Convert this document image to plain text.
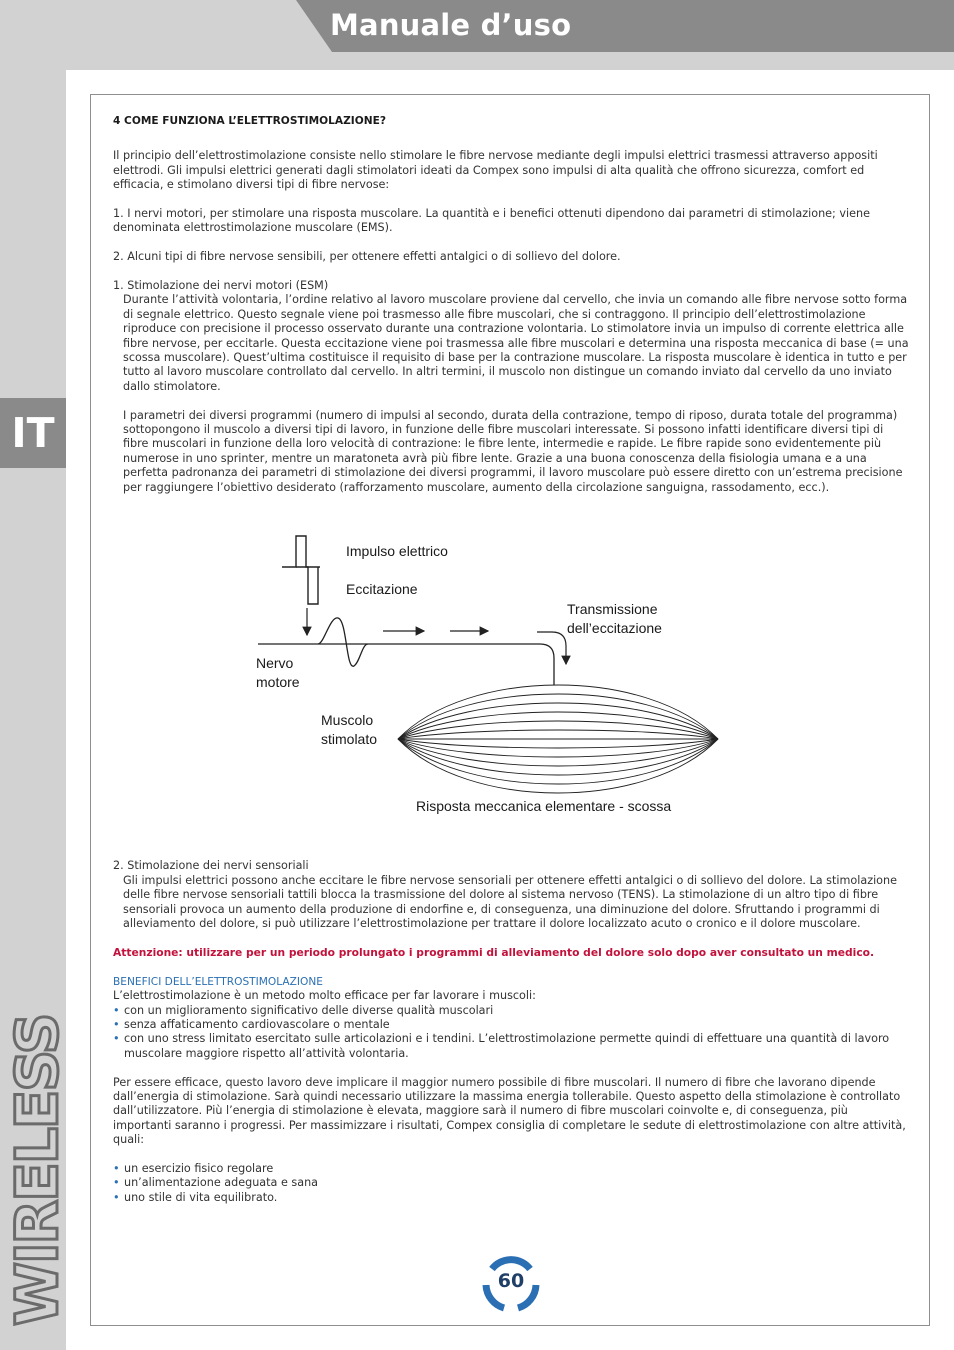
Manuale d’uso
IT
WIRELESS

4 COME FUNZIONA L’ELETTROSTIMOLAZIONE?

Il principio dell’elettrostimolazione consiste nello stimolare le fibre nervose mediante degli impulsi elettrici trasmessi attraverso appositi elettrodi. Gli impulsi elettrici generati dagli stimolatori ideati da Compex sono impulsi di alta qualità che offrono sicurezza, comfort ed efficacia, e stimolano diversi tipi di fibre nervose:

1. I nervi motori, per stimolare una risposta muscolare. La quantità e i benefici ottenuti dipendono dai parametri di stimolazione; viene denominata elettrostimolazione muscolare (EMS).

2. Alcuni tipi di fibre nervose sensibili, per ottenere effetti antalgici o di sollievo del dolore.

1. Stimolazione dei nervi motori (ESM)

Durante l’attività volontaria, l’ordine relativo al lavoro muscolare proviene dal cervello, che invia un comando alle fibre nervose sotto forma di segnale elettrico. Questo segnale viene poi trasmesso alle fibre muscolari, che si contraggono. Il principio dell’elettrostimolazione riproduce con precisione il processo osservato durante una contrazione volontaria. Lo stimolatore invia un impulso di corrente elettrica alle fibre nervose, per eccitarle. Questa eccitazione viene poi trasmessa alle fibre muscolari e determina una risposta meccanica di base (= una scossa muscolare). Quest’ultima costituisce il requisito di base per la contrazione muscolare. La risposta muscolare è identica in tutto e per tutto al lavoro muscolare controllato dal cervello. In altri termini, il muscolo non distingue un comando inviato dal cervello da uno inviato dallo stimolatore.

I parametri dei diversi programmi (numero di impulsi al secondo, durata della contrazione, tempo di riposo, durata totale del programma) sottopongono il muscolo a diversi tipi di lavoro, in funzione delle fibre muscolari interessate. Si possono infatti identificare diversi tipi di fibre muscolari in funzione della loro velocità di contrazione: le fibre lente, intermedie e rapide. Le fibre rapide sono evidentemente più numerose in uno sprinter, mentre un maratoneta avrà più fibre lente. Grazie a una buona conoscenza della fisiologia umana e a una perfetta padronanza dei parametri di stimolazione dei diversi programmi, il lavoro muscolare può essere diretto con un’estrema precisione per raggiungere l’obiettivo desiderato (rafforzamento muscolare, aumento della circolazione sanguigna, rassodamento, ecc.).

2. Stimolazione dei nervi sensoriali

Gli impulsi elettrici possono anche eccitare le fibre nervose sensoriali per ottenere effetti antalgici o di sollievo del dolore. La stimolazione delle fibre nervose sensoriali tattili blocca la trasmissione del dolore al sistema nervoso (TENS). La stimolazione di un altro tipo di fibre sensoriali provoca un aumento della produzione di endorfine e, di conseguenza, una diminuzione del dolore. Sfruttando i programmi di alleviamento del dolore, si può utilizzare l’elettrostimolazione per trattare il dolore localizzato acuto o cronico e il dolore muscolare.

Attenzione: utilizzare per un periodo prolungato i programmi di alleviamento del dolore solo dopo aver consultato un medico.

BENEFICI DELL’ELETTROSTIMOLAZIONE

L’elettrostimolazione è un metodo molto efficace per far lavorare i muscoli:
• con un miglioramento significativo delle diverse qualità muscolari
• senza affaticamento cardiovascolare o mentale
• con uno stress limitato esercitato sulle articolazioni e i tendini. L’elettrostimolazione permette quindi di effettuare una quantità di lavoro muscolare maggiore rispetto all’attività volontaria.

Per essere efficace, questo lavoro deve implicare il maggior numero possibile di fibre muscolari. Il numero di fibre che lavorano dipende dall’energia di stimolazione. Sarà quindi necessario utilizzare la massima energia tollerabile. Questo aspetto della stimolazione è controllato dall’utilizzatore. Più l’energia di stimolazione è elevata, maggiore sarà il numero di fibre muscolari coinvolte e, di conseguenza, più importanti saranno i progressi. Per massimizzare i risultati, Compex consiglia di completare le sedute di elettrostimolazione con altre attività, quali:

• un esercizio fisico regolare
• un’alimentazione adeguata e sana
• uno stile di vita equilibrato.
Impulso elettrico
Eccitazione
Transmissione
dell’eccitazione
Nervo
motore
Muscolo
stimolato
Risposta meccanica elementare - scossa
60
